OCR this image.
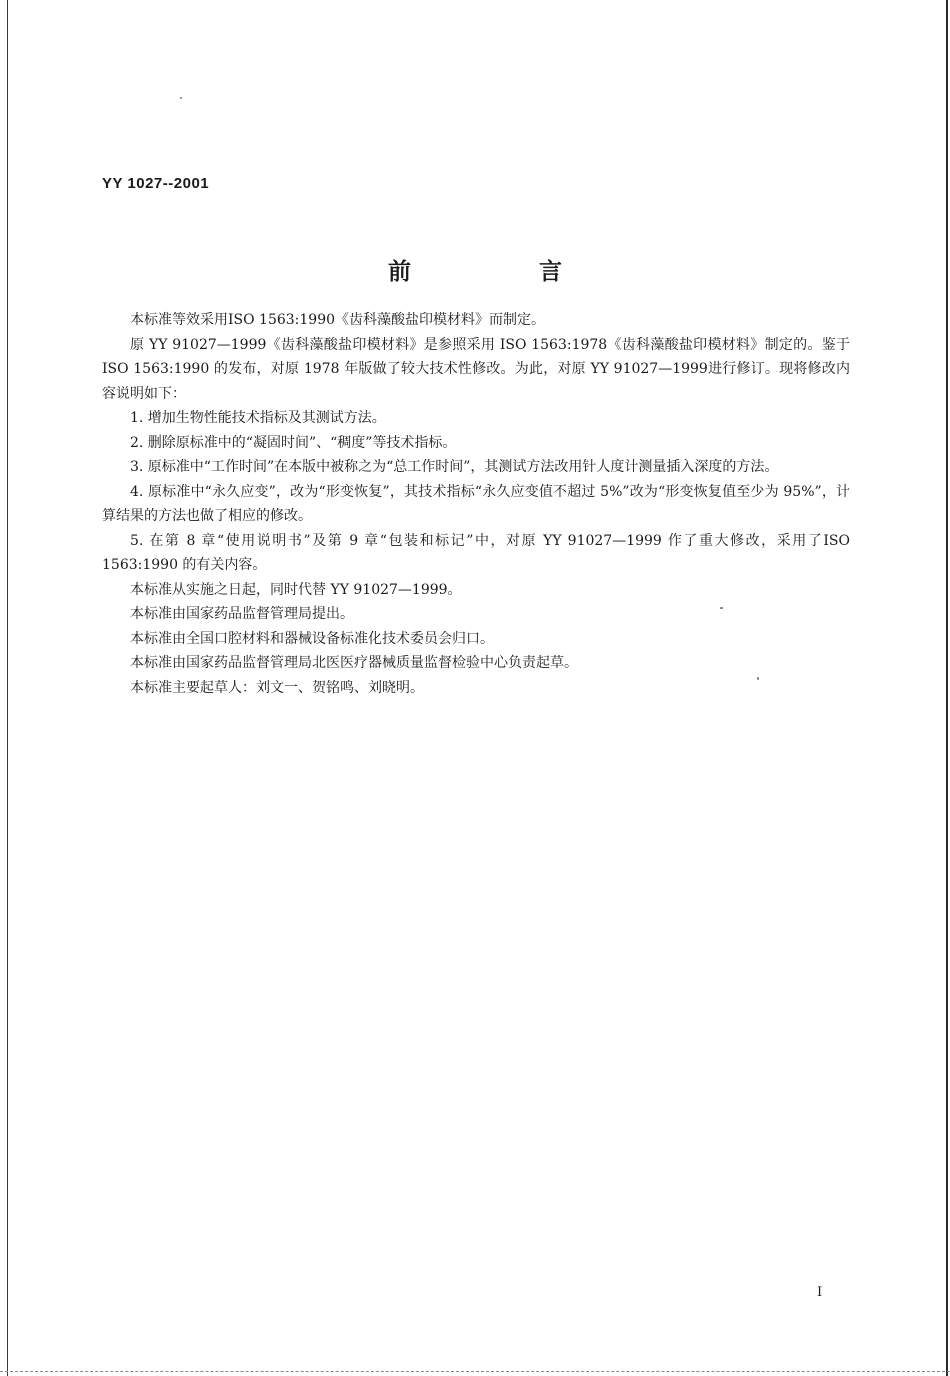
YY 1027--2001
前 言

本标准等效采用ISO 1563:1990《齿科藻酸盐印模材料》而制定。

原 YY 91027—1999《齿科藻酸盐印模材料》是参照采用 ISO 1563:1978《齿科藻酸盐印模材料》制定的。鉴于 ISO 1563:1990 的发布，对原 1978 年版做了较大技术性修改。为此，对原 YY 91027—1999进行修订。现将修改内容说明如下：

1. 增加生物性能技术指标及其测试方法。

2. 删除原标准中的“凝固时间”、“稠度”等技术指标。

3. 原标准中“工作时间”在本版中被称之为“总工作时间”，其测试方法改用针人度计测量插入深度的方法。

4. 原标准中“永久应变”，改为“形变恢复”，其技术指标“永久应变值不超过 5%”改为“形变恢复值至少为 95%”，计算结果的方法也做了相应的修改。

5. 在第 8 章“使用说明书”及第 9 章“包装和标记”中，对原 YY 91027—1999 作了重大修改，采用了ISO 1563:1990 的有关内容。

本标准从实施之日起，同时代替 YY 91027—1999。

本标准由国家药品监督管理局提出。

本标准由全国口腔材料和器械设备标准化技术委员会归口。

本标准由国家药品监督管理局北医医疗器械质量监督检验中心负责起草。

本标准主要起草人：刘文一、贺铭鸣、刘晓明。

I
